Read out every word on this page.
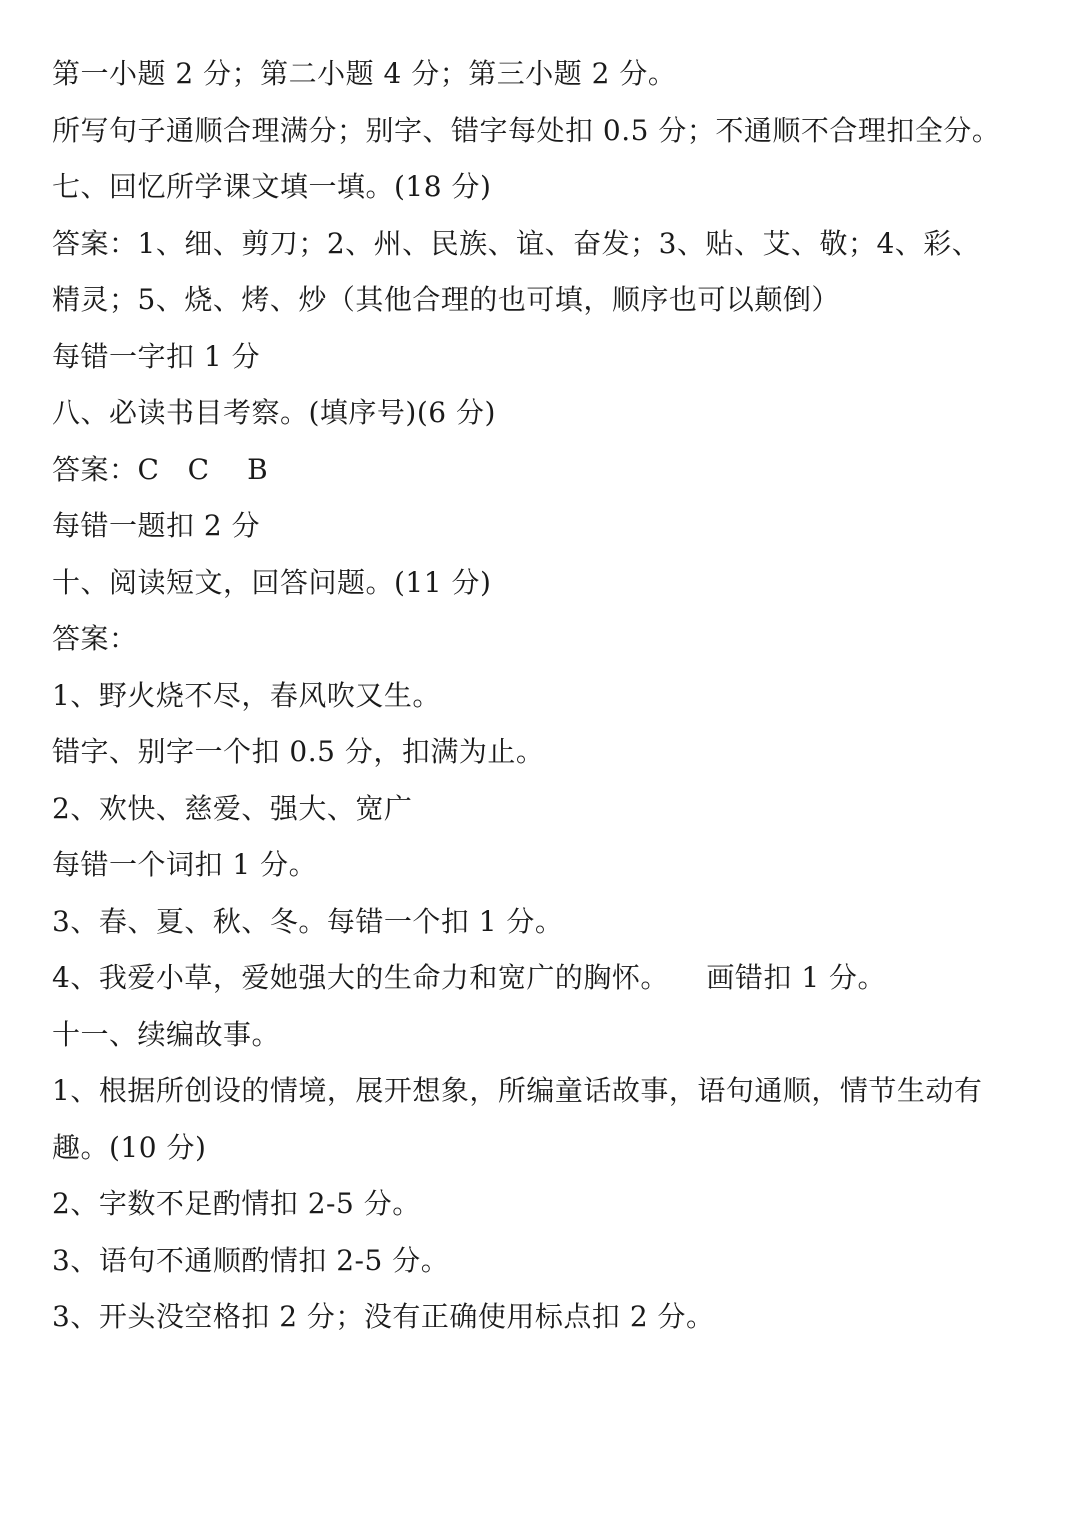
第一小题 2 分；第二小题 4 分；第三小题 2 分。
所写句子通顺合理满分；别字、错字每处扣 0.5 分；不通顺不合理扣全分。
七、回忆所学课文填一填。(18 分)
答案：1、细、剪刀；2、州、民族、谊、奋发；3、贴、艾、敬；4、彩、
精灵；5、烧、烤、炒（其他合理的也可填，顺序也可以颠倒）
每错一字扣 1 分
八、必读书目考察。(填序号)(6 分)
答案：C   C    B
每错一题扣 2 分
十、阅读短文，回答问题。(11 分)
答案：
1、野火烧不尽，春风吹又生。
错字、别字一个扣 0.5 分，扣满为止。
2、欢快、慈爱、强大、宽广
每错一个词扣 1 分。
3、春、夏、秋、冬。每错一个扣 1 分。
4、我爱小草，爱她强大的生命力和宽广的胸怀。    画错扣 1 分。
十一、续编故事。
1、根据所创设的情境，展开想象，所编童话故事，语句通顺，情节生动有
趣。(10 分)
2、字数不足酌情扣 2-5 分。
3、语句不通顺酌情扣 2-5 分。
3、开头没空格扣 2 分；没有正确使用标点扣 2 分。
